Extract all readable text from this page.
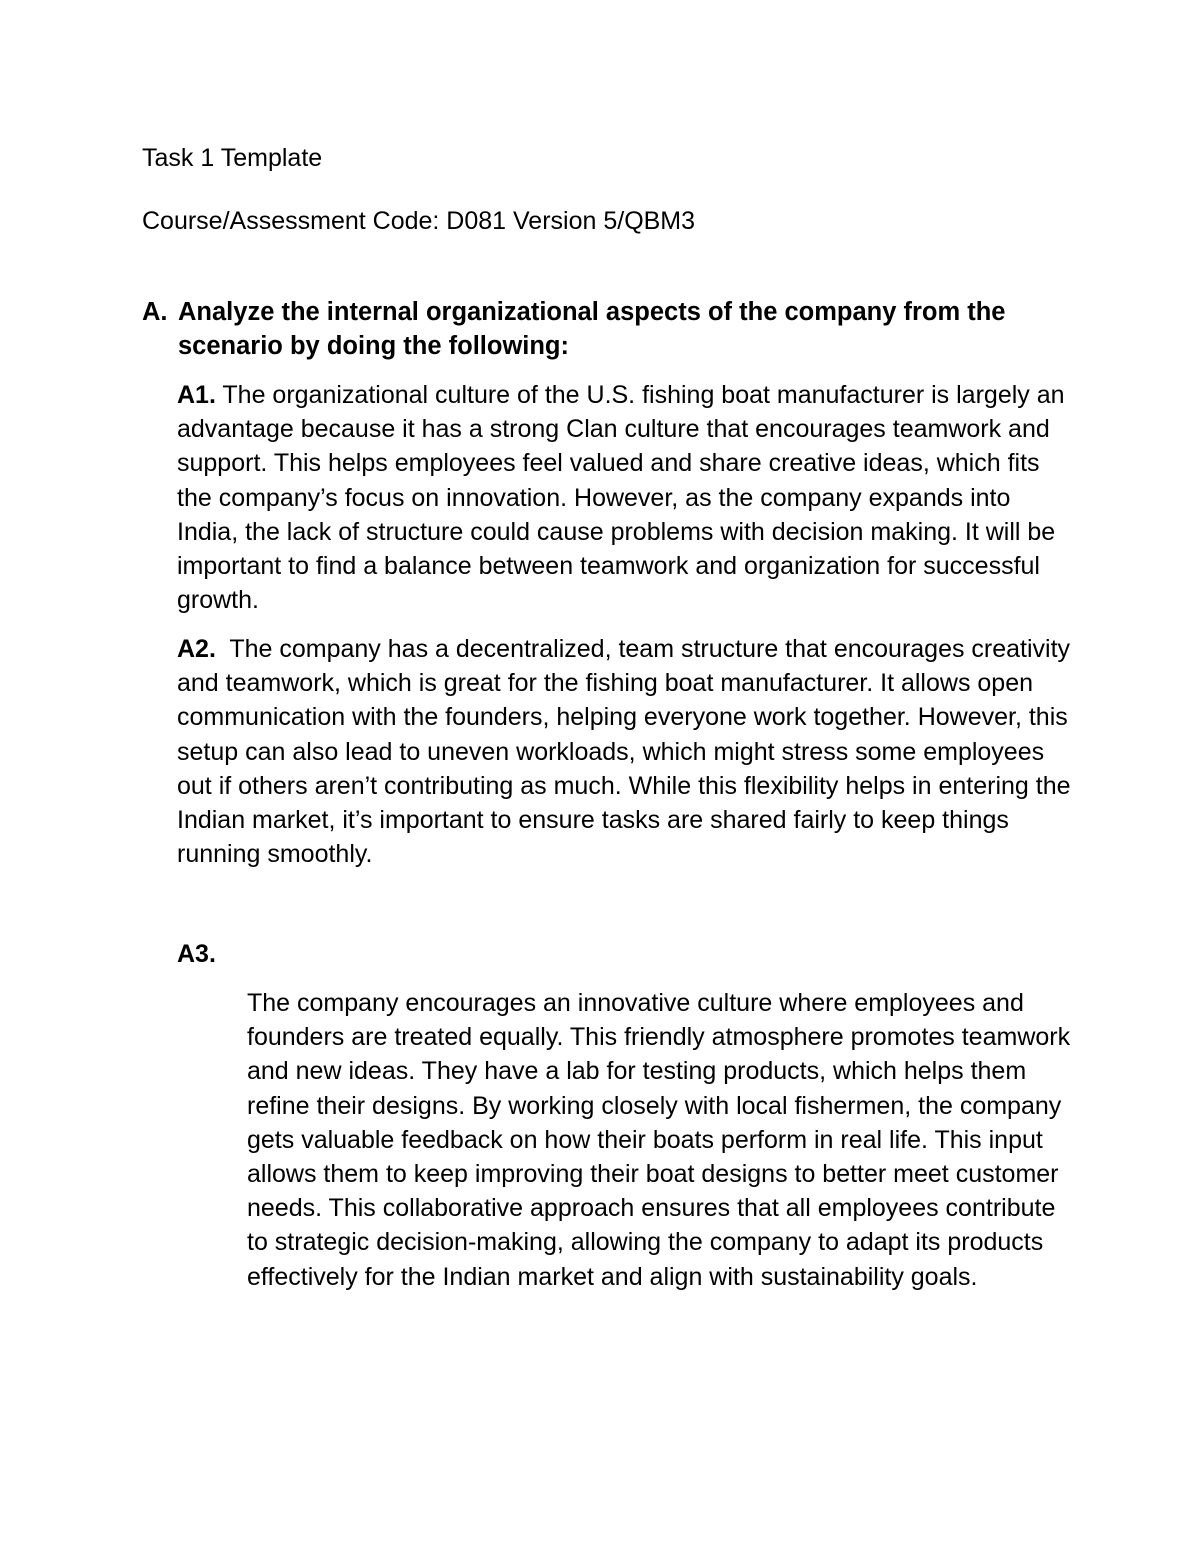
Task 1 Template
Course/Assessment Code: D081 Version 5/QBM3
A. Analyze the internal organizational aspects of the company from the scenario by doing the following:
A1. The organizational culture of the U.S. fishing boat manufacturer is largely an advantage because it has a strong Clan culture that encourages teamwork and support. This helps employees feel valued and share creative ideas, which fits the company’s focus on innovation. However, as the company expands into India, the lack of structure could cause problems with decision making. It will be important to find a balance between teamwork and organization for successful growth.
A2.  The company has a decentralized, team structure that encourages creativity and teamwork, which is great for the fishing boat manufacturer. It allows open communication with the founders, helping everyone work together. However, this setup can also lead to uneven workloads, which might stress some employees out if others aren’t contributing as much. While this flexibility helps in entering the Indian market, it’s important to ensure tasks are shared fairly to keep things running smoothly.
A3.
The company encourages an innovative culture where employees and founders are treated equally. This friendly atmosphere promotes teamwork and new ideas. They have a lab for testing products, which helps them refine their designs. By working closely with local fishermen, the company gets valuable feedback on how their boats perform in real life. This input allows them to keep improving their boat designs to better meet customer needs. This collaborative approach ensures that all employees contribute to strategic decision-making, allowing the company to adapt its products effectively for the Indian market and align with sustainability goals.
